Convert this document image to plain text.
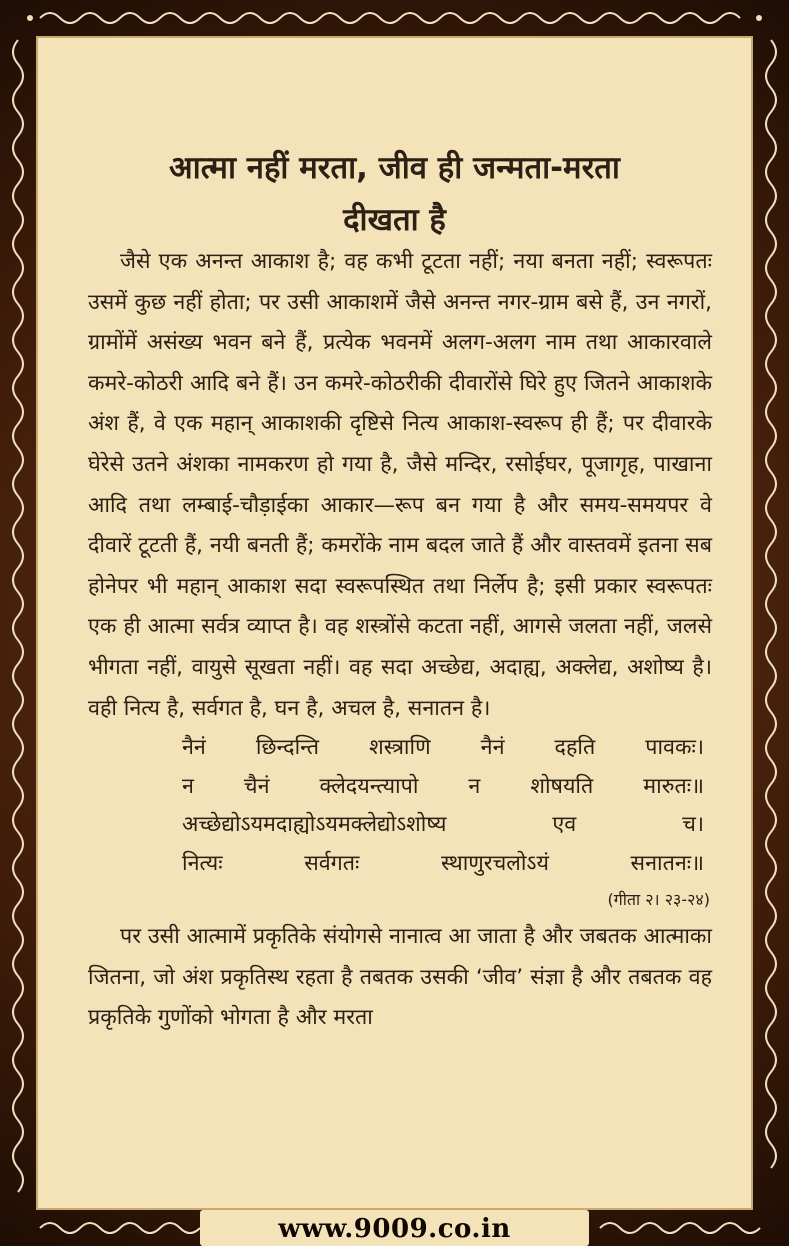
आत्मा नहीं मरता, जीव ही जन्मता-मरता
दीखता है

जैसे एक अनन्त आकाश है; वह कभी टूटता नहीं; नया बनता नहीं; स्वरूपतः उसमें कुछ नहीं होता; पर उसी आकाशमें जैसे अनन्त नगर-ग्राम बसे हैं, उन नगरों, ग्रामोंमें असंख्य भवन बने हैं, प्रत्येक भवनमें अलग-अलग नाम तथा आकारवाले कमरे-कोठरी आदि बने हैं। उन कमरे-कोठरीकी दीवारोंसे घिरे हुए जितने आकाशके अंश हैं, वे एक महान् आकाशकी दृष्टिसे नित्य आकाश-स्वरूप ही हैं; पर दीवारके घेरेसे उतने अंशका नामकरण हो गया है, जैसे मन्दिर, रसोईघर, पूजागृह, पाखाना आदि तथा लम्बाई-चौड़ाईका आकार—रूप बन गया है और समय-समयपर वे दीवारें टूटती हैं, नयी बनती हैं; कमरोंके नाम बदल जाते हैं और वास्तवमें इतना सब होनेपर भी महान् आकाश सदा स्वरूपस्थित तथा निर्लेप है; इसी प्रकार स्वरूपतः एक ही आत्मा सर्वत्र व्याप्त है। वह शस्त्रोंसे कटता नहीं, आगसे जलता नहीं, जलसे भीगता नहीं, वायुसे सूखता नहीं। वह सदा अच्छेद्य, अदाह्य, अक्लेद्य, अशोष्य है। वही नित्य है, सर्वगत है, घन है, अचल है, सनातन है।

नैनं छिन्दन्ति शस्त्राणि नैनं दहति पावकः।
न चैनं क्लेदयन्त्यापो न शोषयति मारुतः॥
अच्छेद्योऽयमदाह्योऽयमक्लेद्योऽशोष्य एव च।
नित्यः सर्वगतः स्थाणुरचलोऽयं सनातनः॥

(गीता २। २३-२४)

पर उसी आत्मामें प्रकृतिके संयोगसे नानात्व आ जाता है और जबतक आत्माका जितना, जो अंश प्रकृतिस्थ रहता है तबतक उसकी ‘जीव’ संज्ञा है और तबतक वह प्रकृतिके गुणोंको भोगता है और मरता

www.9009.co.in
